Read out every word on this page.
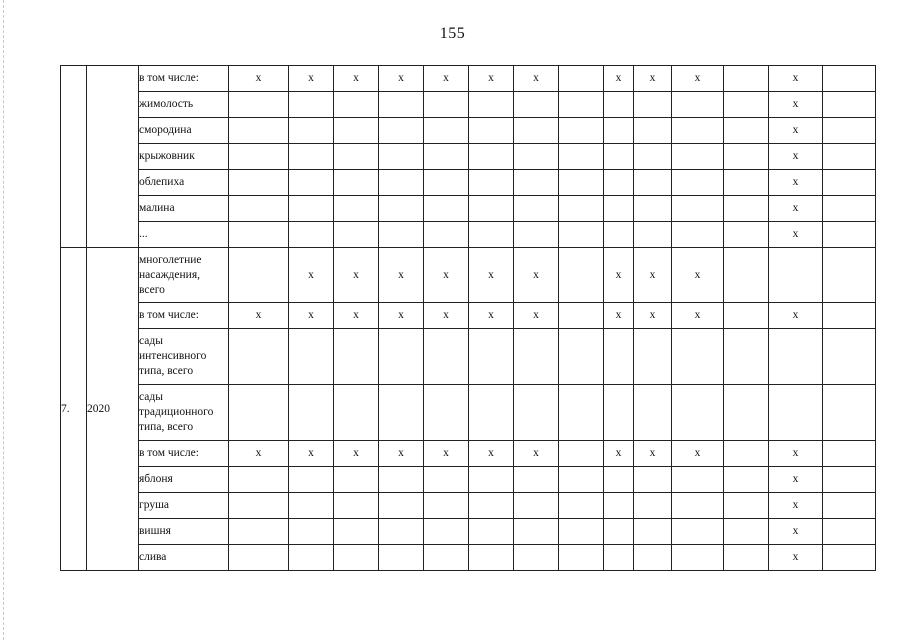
155
		в том числе:	x	x	x	x	x	x	x		x	x	x		x	
		жимолость													x	
		смородина													x	
		крыжовник													x	
		облепиха													x	
		малина													x	
		...													x	
7.	2020	многолетние насаждения, всего		x	x	x	x	x	x		x	x	x			
		в том числе:	x	x	x	x	x	x	x		x	x	x		x	
		сады интенсивного типа, всего														
		сады традиционного типа, всего														
		в том числе:	x	x	x	x	x	x	x		x	x	x		x	
		яблоня													x	
		груша													x	
		вишня													x	
		слива													x	
